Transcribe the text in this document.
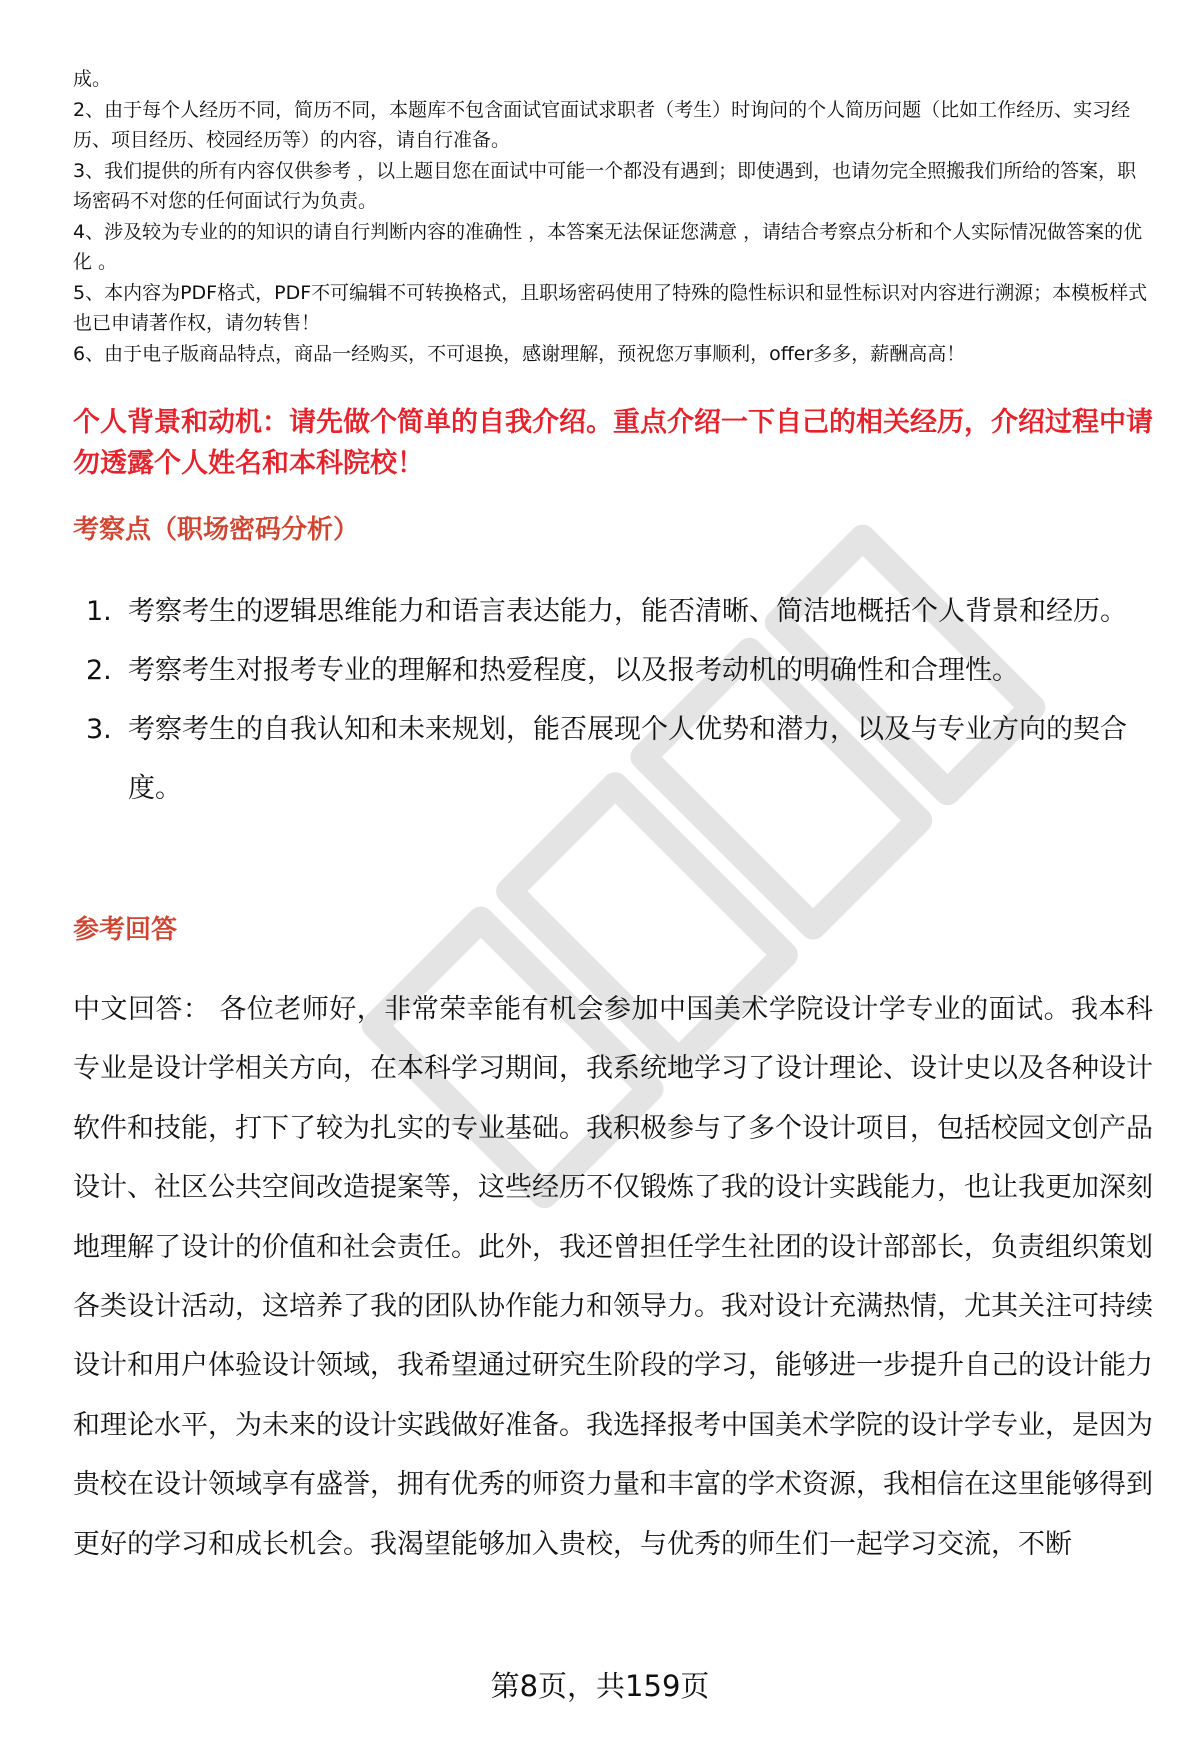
成。

2、由于每个人经历不同，简历不同，本题库不包含面试官面试求职者（考生）时询问的个人简历问题（比如工作经历、实习经历、项目经历、校园经历等）的内容，请自行准备。

3、我们提供的所有内容仅供参考 ，以上题目您在面试中可能一个都没有遇到；即使遇到，也请勿完全照搬我们所给的答案，职场密码不对您的任何面试行为负责。

4、涉及较为专业的的知识的请自行判断内容的准确性 ，本答案无法保证您满意 ，请结合考察点分析和个人实际情况做答案的优化 。

5、本内容为PDF格式，PDF不可编辑不可转换格式，且职场密码使用了特殊的隐性标识和显性标识对内容进行溯源；本模板样式也已申请著作权，请勿转售！

6、由于电子版商品特点，商品一经购买，不可退换，感谢理解，预祝您万事顺利，offer多多，薪酬高高！

个人背景和动机：请先做个简单的自我介绍。重点介绍一下自己的相关经历，介绍过程中请勿透露个人姓名和本科院校！
考察点（职场密码分析）
1. 考察考生的逻辑思维能力和语言表达能力，能否清晰、简洁地概括个人背景和经历。
2. 考察考生对报考专业的理解和热爱程度，以及报考动机的明确性和合理性。
3. 考察考生的自我认知和未来规划，能否展现个人优势和潜力，以及与专业方向的契合度。
参考回答

中文回答： 各位老师好，非常荣幸能有机会参加中国美术学院设计学专业的面试。我本科专业是设计学相关方向，在本科学习期间，我系统地学习了设计理论、设计史以及各种设计软件和技能，打下了较为扎实的专业基础。我积极参与了多个设计项目，包括校园文创产品设计、社区公共空间改造提案等，这些经历不仅锻炼了我的设计实践能力，也让我更加深刻地理解了设计的价值和社会责任。此外，我还曾担任学生社团的设计部部长，负责组织策划各类设计活动，这培养了我的团队协作能力和领导力。我对设计充满热情，尤其关注可持续设计和用户体验设计领域，我希望通过研究生阶段的学习，能够进一步提升自己的设计能力和理论水平，为未来的设计实践做好准备。我选择报考中国美术学院的设计学专业，是因为贵校在设计领域享有盛誉，拥有优秀的师资力量和丰富的学术资源，我相信在这里能够得到更好的学习和成长机会。我渴望能够加入贵校，与优秀的师生们一起学习交流，不断

第8页，共159页
